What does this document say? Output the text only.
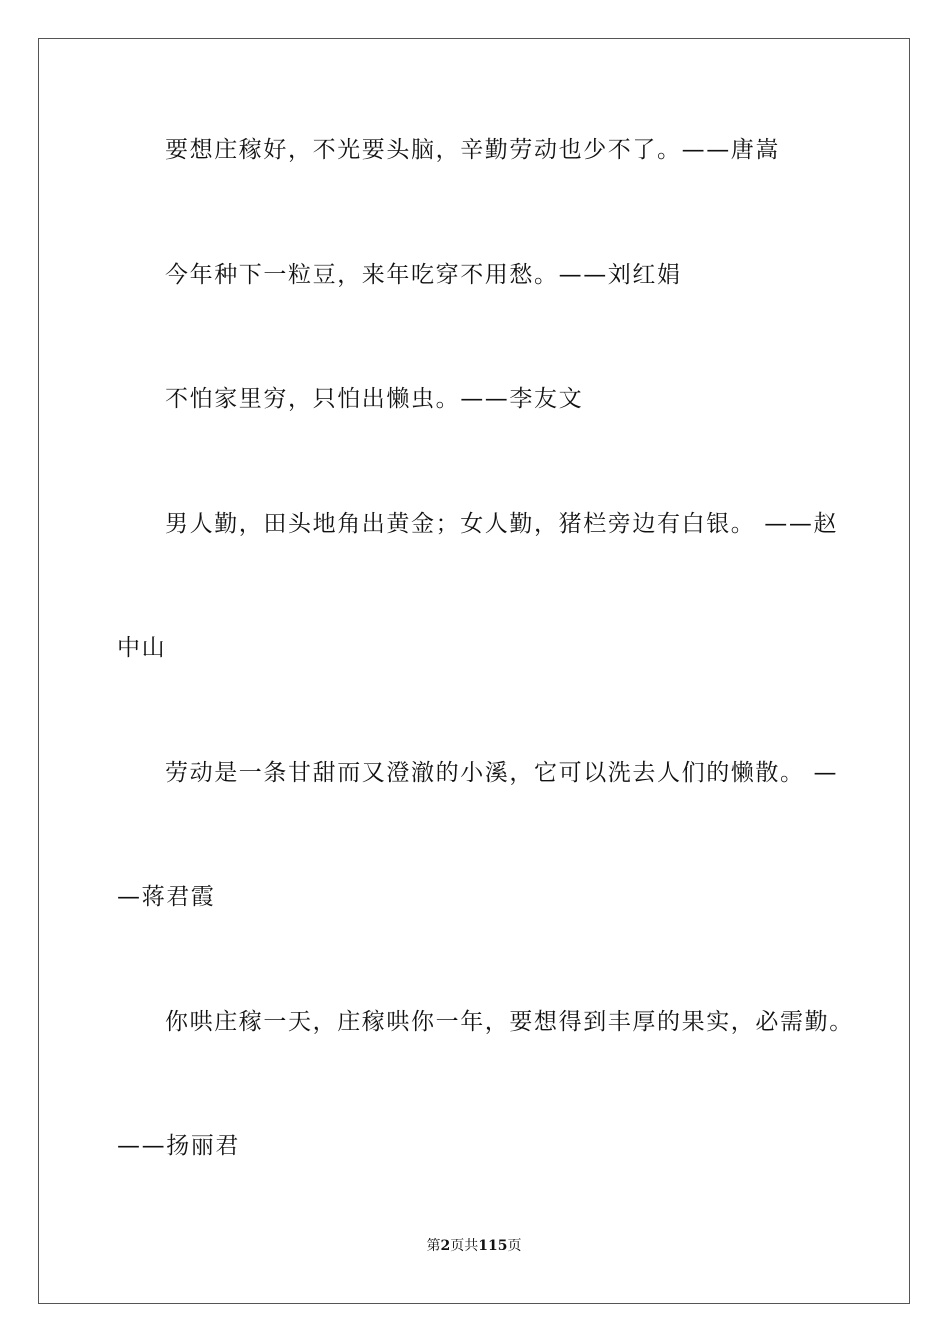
要想庄稼好，不光要头脑，辛勤劳动也少不了。——唐嵩

今年种下一粒豆，来年吃穿不用愁。——刘红娟

不怕家里穷，只怕出懒虫。——李友文

男人勤，田头地角出黄金；女人勤，猪栏旁边有白银。 ——赵

中山

劳动是一条甘甜而又澄澈的小溪，它可以洗去人们的懒散。 —

—蒋君霞

你哄庄稼一天，庄稼哄你一年，要想得到丰厚的果实，必需勤。

——扬丽君

第2页共115页
